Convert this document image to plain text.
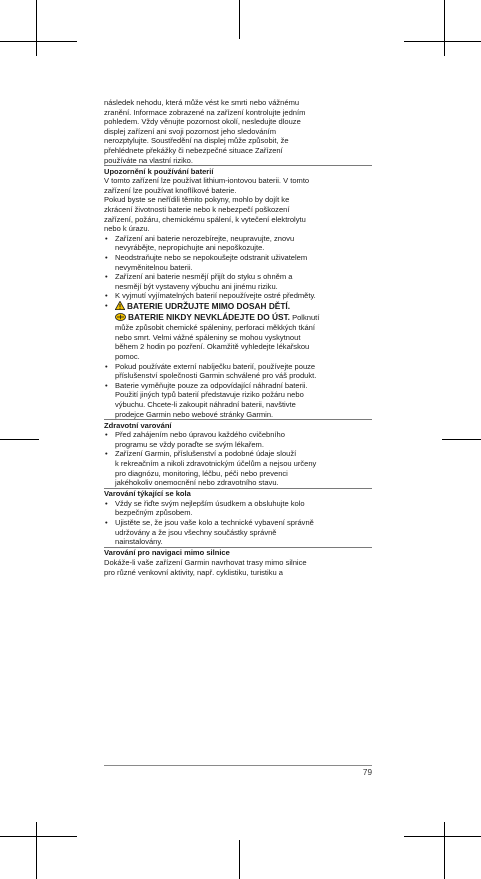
následek nehodu, která může vést ke smrti nebo vážnému
zranění. Informace zobrazené na zařízení kontrolujte jedním
pohledem. Vždy věnujte pozornost okolí, nesledujte dlouze
displej zařízení ani svoji pozornost jeho sledováním
nerozptylujte. Soustředění na displej může způsobit, že
přehlédnete překážky či nebezpečné situace Zařízení
používáte na vlastní riziko.

Upozornění k používání baterií

V tomto zařízení lze používat lithium-iontovou baterii. V tomto
zařízení lze používat knoflíkové baterie.

Pokud byste se neřídili těmito pokyny, mohlo by dojít ke
zkrácení životnosti baterie nebo k nebezpečí poškození
zařízení, požáru, chemickému spálení, k vytečení elektrolytu
nebo k úrazu.

• Zařízení ani baterie nerozebírejte, neupravujte, znovu
nevyrábějte, nepropichujte ani nepoškozujte.
• Neodstraňujte nebo se nepokoušejte odstranit uživatelem
nevyměnitelnou baterii.
• Zařízení ani baterie nesmějí přijít do styku s ohněm a
nesmějí být vystaveny výbuchu ani jinému riziku.
• K vyjmutí vyjímatelných baterií nepoužívejte ostré předměty.
• BATERIE UDRŽUJTE MIMO DOSAH DĚTÍ.
BATERIE NIKDY NEVKLÁDEJTE DO ÚST. Polknutí
může způsobit chemické spáleniny, perforaci měkkých tkání
nebo smrt. Velmi vážné spáleniny se mohou vyskytnout
během 2 hodin po pozření. Okamžitě vyhledejte lékařskou
pomoc.
• Pokud používáte externí nabíječku baterií, používejte pouze
příslušenství společnosti Garmin schválené pro váš produkt.
• Baterie vyměňujte pouze za odpovídající náhradní baterii.
Použití jiných typů baterií představuje riziko požáru nebo
výbuchu. Chcete-li zakoupit náhradní baterii, navštivte
prodejce Garmin nebo webové stránky Garmin.

Zdravotní varování

• Před zahájením nebo úpravou každého cvičebního
programu se vždy poraďte se svým lékařem.
• Zařízení Garmin, příslušenství a podobné údaje slouží
k rekreačním a nikoli zdravotnickým účelům a nejsou určeny
pro diagnózu, monitoring, léčbu, péči nebo prevenci
jakéhokoliv onemocnění nebo zdravotního stavu.

Varování týkající se kola

• Vždy se řiďte svým nejlepším úsudkem a obsluhujte kolo
bezpečným způsobem.
• Ujistěte se, že jsou vaše kolo a technické vybavení správně
udržovány a že jsou všechny součástky správně
nainstalovány.

Varování pro navigaci mimo silnice

Dokáže-li vaše zařízení Garmin navrhovat trasy mimo silnice
pro různé venkovní aktivity, např. cyklistiku, turistiku a

79
